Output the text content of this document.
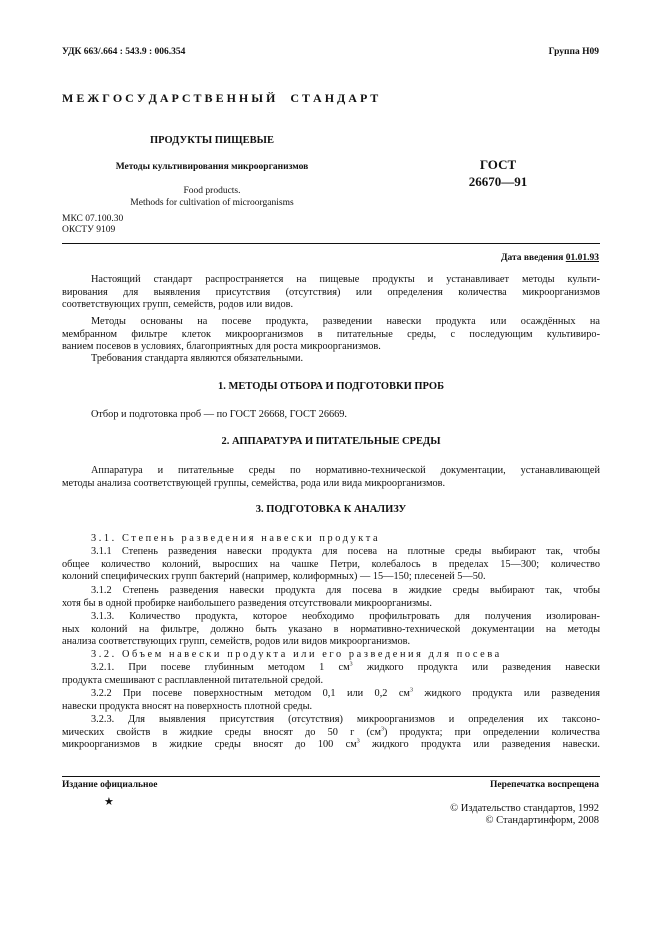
УДК 663/.664 : 543.9 : 006.354	Группа Н09
М Е Ж Г О С У Д А Р С Т В Е Н Н Ы Й     С Т А Н Д А Р Т
ПРОДУКТЫ ПИЩЕВЫЕ
Методы культивирования микроорганизмов
Food products.
Methods for cultivation of microorganisms
ГОСТ
26670—91
МКС 07.100.30
ОКСТУ 9109
Дата введения 01.01.93
Настоящий стандарт распространяется на пищевые продукты и устанавливает методы культи-
вирования для выявления присутствия (отсутствия) или определения количества микроорганизмов
соответствующих групп, семейств, родов или видов.
Методы основаны на посеве продукта, разведении навески продукта или осаждённых на
мембранном фильтре клеток микроорганизмов в питательные среды, с последующим культивиро-
ванием посевов в условиях, благоприятных для роста микроорганизмов.
Требования стандарта являются обязательными.
1. МЕТОДЫ ОТБОРА И ПОДГОТОВКИ ПРОБ
Отбор и подготовка проб — по ГОСТ 26668, ГОСТ 26669.
2. АППАРАТУРА И ПИТАТЕЛЬНЫЕ СРЕДЫ
Аппаратура и питательные среды по нормативно-технической документации, устанавливающей
методы анализа соответствующей группы, семейства, рода или вида микроорганизмов.
3. ПОДГОТОВКА К АНАЛИЗУ
3.1. Степень разведения навески продукта
3.1.1 Степень разведения навески продукта для посева на плотные среды выбирают так, чтобы
общее количество колоний, выросших на чашке Петри, колебалось в пределах 15—300; количество
колоний специфических групп бактерий (например, колиформных) — 15—150; плесеней 5—50.
3.1.2 Степень разведения навески продукта для посева в жидкие среды выбирают так, чтобы
хотя бы в одной пробирке наибольшего разведения отсутствовали микроорганизмы.
3.1.3. Количество продукта, которое необходимо профильтровать для получения изолирован-
ных колоний на фильтре, должно быть указано в нормативно-технической документации на методы
анализа соответствующих групп, семейств, родов или видов микроорганизмов.
3.2. Объем навески продукта или его разведения для посева
3.2.1. При посеве глубинным методом 1 $см^3$ жидкого продукта или разведения навески
продукта смешивают с расплавленной питательной средой.
3.2.2 При посеве поверхностным методом 0,1 или 0,2 $см^3$ жидкого продукта или разведения
навески продукта вносят на поверхность плотной среды.
3.2.3. Для выявления присутствия (отсутствия) микроорганизмов и определения их таксоно-
мических свойств в жидкие среды вносят до 50 г $(см^3)$ продукта; при определении количества
микроорганизмов в жидкие среды вносят до 100 $см^3$ жидкого продукта или разведения навески.
Издание официальное	Перепечатка воспрещена
★
© Издательство стандартов, 1992
© Стандартинформ, 2008
